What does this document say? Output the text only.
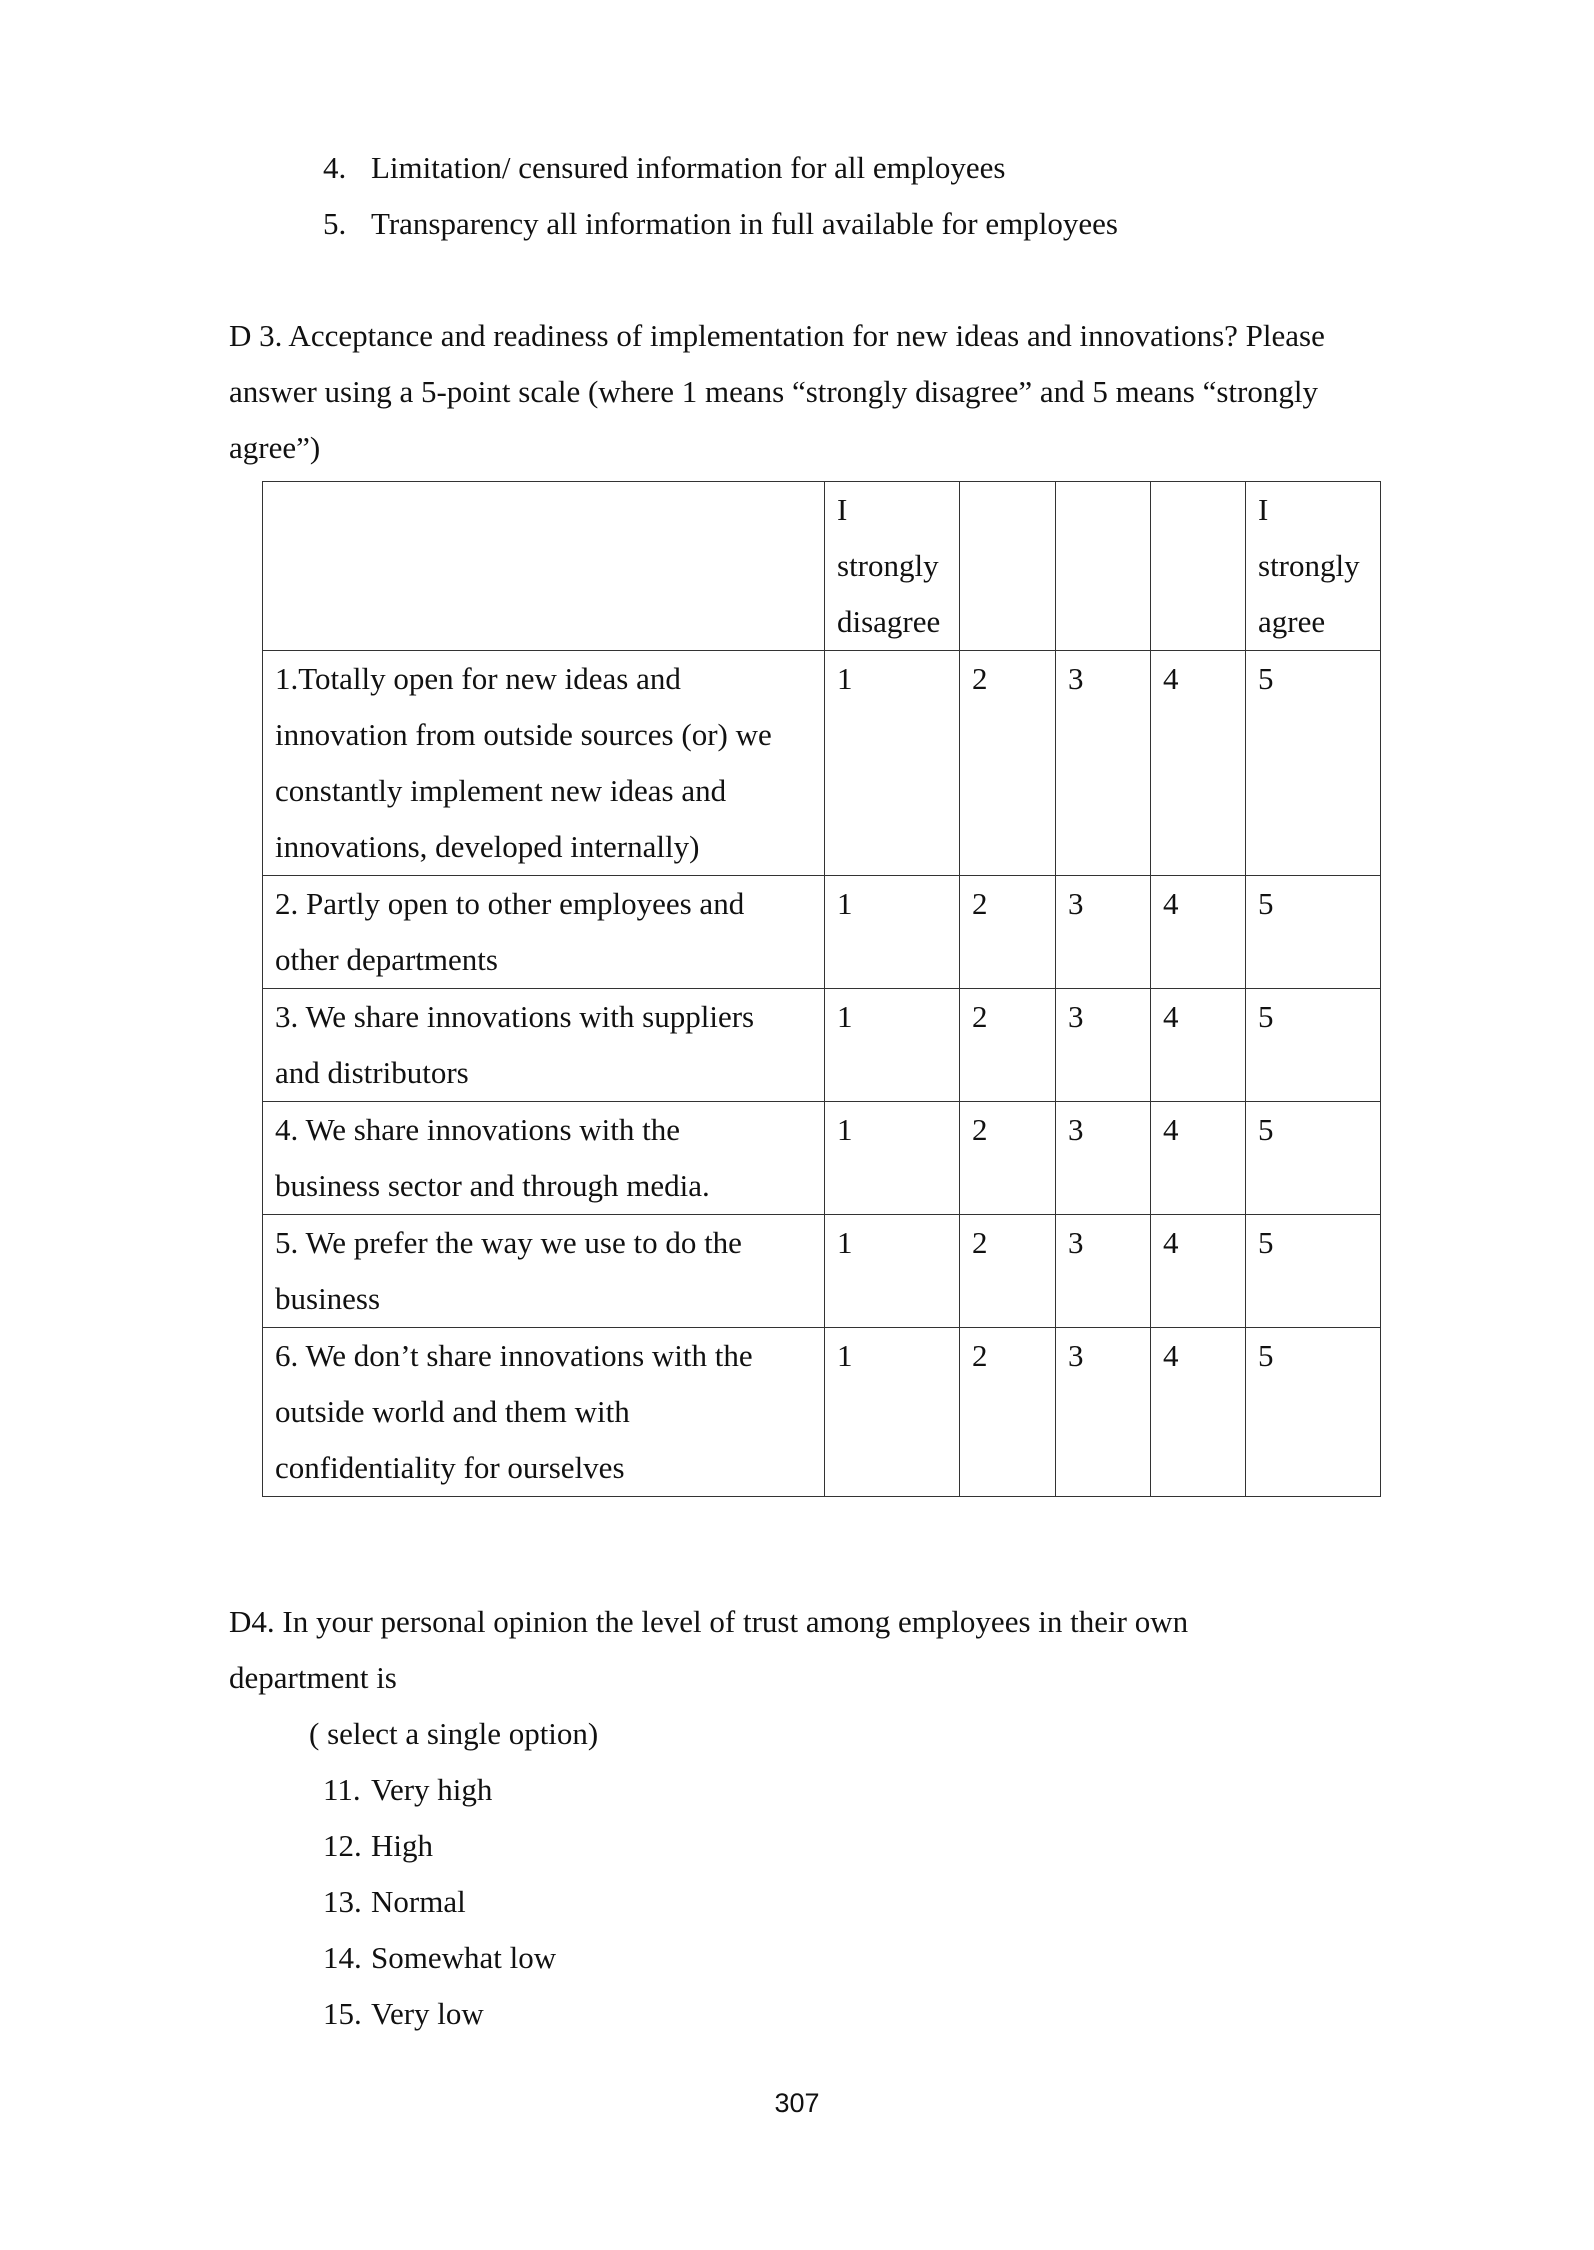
4. Limitation/ censured information for all employees
5. Transparency all information in full available for employees
D 3. Acceptance and readiness of implementation for new ideas and innovations? Please
answer using a 5-point scale (where 1 means “strongly disagree” and 5 means “strongly
agree”)
	I
strongly
disagree				I
strongly
agree
1.Totally open for new ideas and
innovation from outside sources (or) we
constantly implement new ideas and
innovations, developed internally)	1	2	3	4	5
2. Partly open to other employees and
other departments	1	2	3	4	5
3. We share innovations with suppliers
and distributors	1	2	3	4	5
4. We share innovations with the
business sector and through media.	1	2	3	4	5
5. We prefer the way we use to do the
business	1	2	3	4	5
6. We don’t share innovations with the
outside world and them with
confidentiality for ourselves	1	2	3	4	5
D4. In your personal opinion the level of trust among employees in their own
department is
( select a single option)
11. Very high
12. High
13. Normal
14. Somewhat low
15. Very low
307
